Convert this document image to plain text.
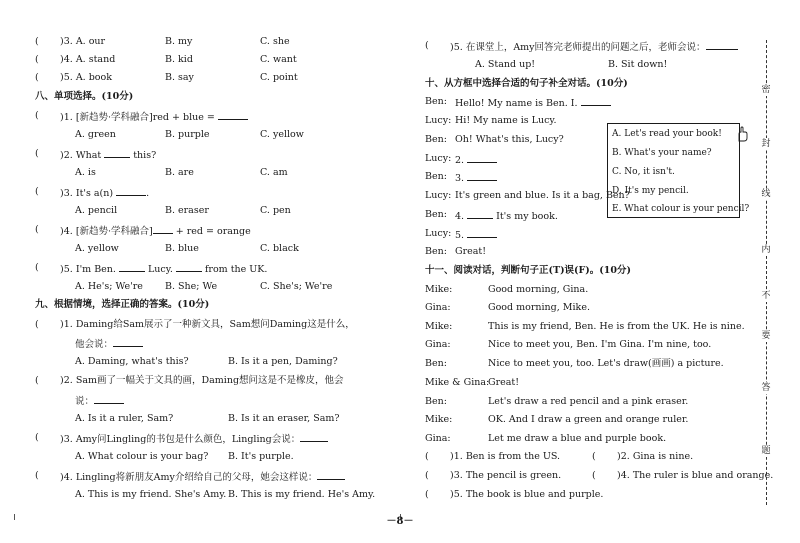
( )3. A. our	B. my	C. she
( )4. A. stand	B. kid	C. want
( )5. A. book	B. say	C. point
八、单项选择。(10分)
( )1. [新趋势·学科融合]red + blue =
A. green	B. purple	C. yellow
( )2. What	this?
A. is	B. are	C. am
( )3. It's a(n)	.
A. pencil	B. eraser	C. pen
( )4. [新趋势·学科融合] + red = orange
A. yellow	B. blue	C. black
( )5. I'm Ben.	Lucy.	from the UK.
A. He's; We're B. She; We	C. She's; We're
九、根据情境，选择正确的答案。(10分)
( )1. Daming给Sam展示了一种新文具，Sam想问Daming这是什么，
他会说：
A. Daming, what's this?	B. Is it a pen, Daming?
( )2. Sam画了一幅关于文具的画，Daming想问这是不是橡皮，他会
说：
A. Is it a ruler, Sam?	B. Is it an eraser, Sam?
( )3. Amy问Lingling的书包是什么颜色，Lingling会说：
A. What colour is your bag? B. It's purple.
( )4. Lingling将新朋友Amy介绍给自己的父母，她会这样说：
A. This is my friend. She's Amy. B. This is my friend. He's Amy.
( )5. 在课堂上，Amy回答完老师提出的问题之后，老师会说：
A. Stand up!	B. Sit down!
十、从方框中选择合适的句子补全对话。(10分)
Ben: Hello! My name is Ben. I.
Lucy: Hi! My name is Lucy.
Ben: Oh! What's this, Lucy?
Lucy: 2.
Ben: 3.
Lucy: It's green and blue. Is it a bag, Ben?
Ben: 4.	It's my book.
Lucy: 5.
Ben: Great!
A. Let's read your book!
B. What's your name?
C. No, it isn't.
D. It's my pencil.
E. What colour is your pencil?
十一、阅读对话，判断句子正(T)误(F)。(10分)
Mike:	Good morning, Gina.
Gina:	Good morning, Mike.
Mike:	This is my friend, Ben. He is from the UK. He is nine.
Gina:	Nice to meet you, Ben. I'm Gina. I'm nine, too.
Ben:	Nice to meet you, too. Let's draw(画画) a picture.
Mike & Gina:
Great!
Ben:	Let's draw a red pencil and a pink eraser.
Mike:	OK. And I draw a green and orange ruler.
Gina:	Let me draw a blue and purple book.
( )1. Ben is from the US.	( )2. Gina is nine.
( )3. The pencil is green.	( )4. The ruler is blue and orange.
( )5. The book is blue and purple.
题
答
要
不
内
线
封
密
－8－
